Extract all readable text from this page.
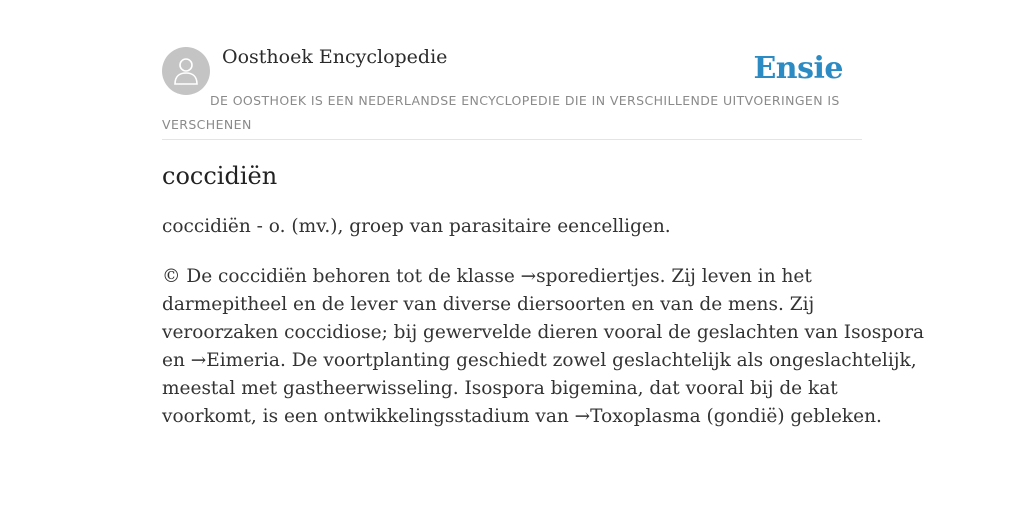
Oosthoek Encyclopedie	Ensie
DE OOSTHOEK IS EEN NEDERLANDSE ENCYCLOPEDIE DIE IN VERSCHILLENDE UITVOERINGEN IS VERSCHENEN
coccidiën

coccidiën - o. (mv.), groep van parasitaire eencelligen.

© De coccidiën behoren tot de klasse →sporediertjes. Zij leven in het
darmepitheel en de lever van diverse diersoorten en van de mens. Zij
veroorzaken coccidiose; bij gewervelde dieren vooral de geslachten van Isospora
en →Eimeria. De voortplanting geschiedt zowel geslachtelijk als ongeslachtelijk,
meestal met gastheerwisseling. Isospora bigemina, dat vooral bij de kat
voorkomt, is een ontwikkelingsstadium van →Toxoplasma (gondië) gebleken.
